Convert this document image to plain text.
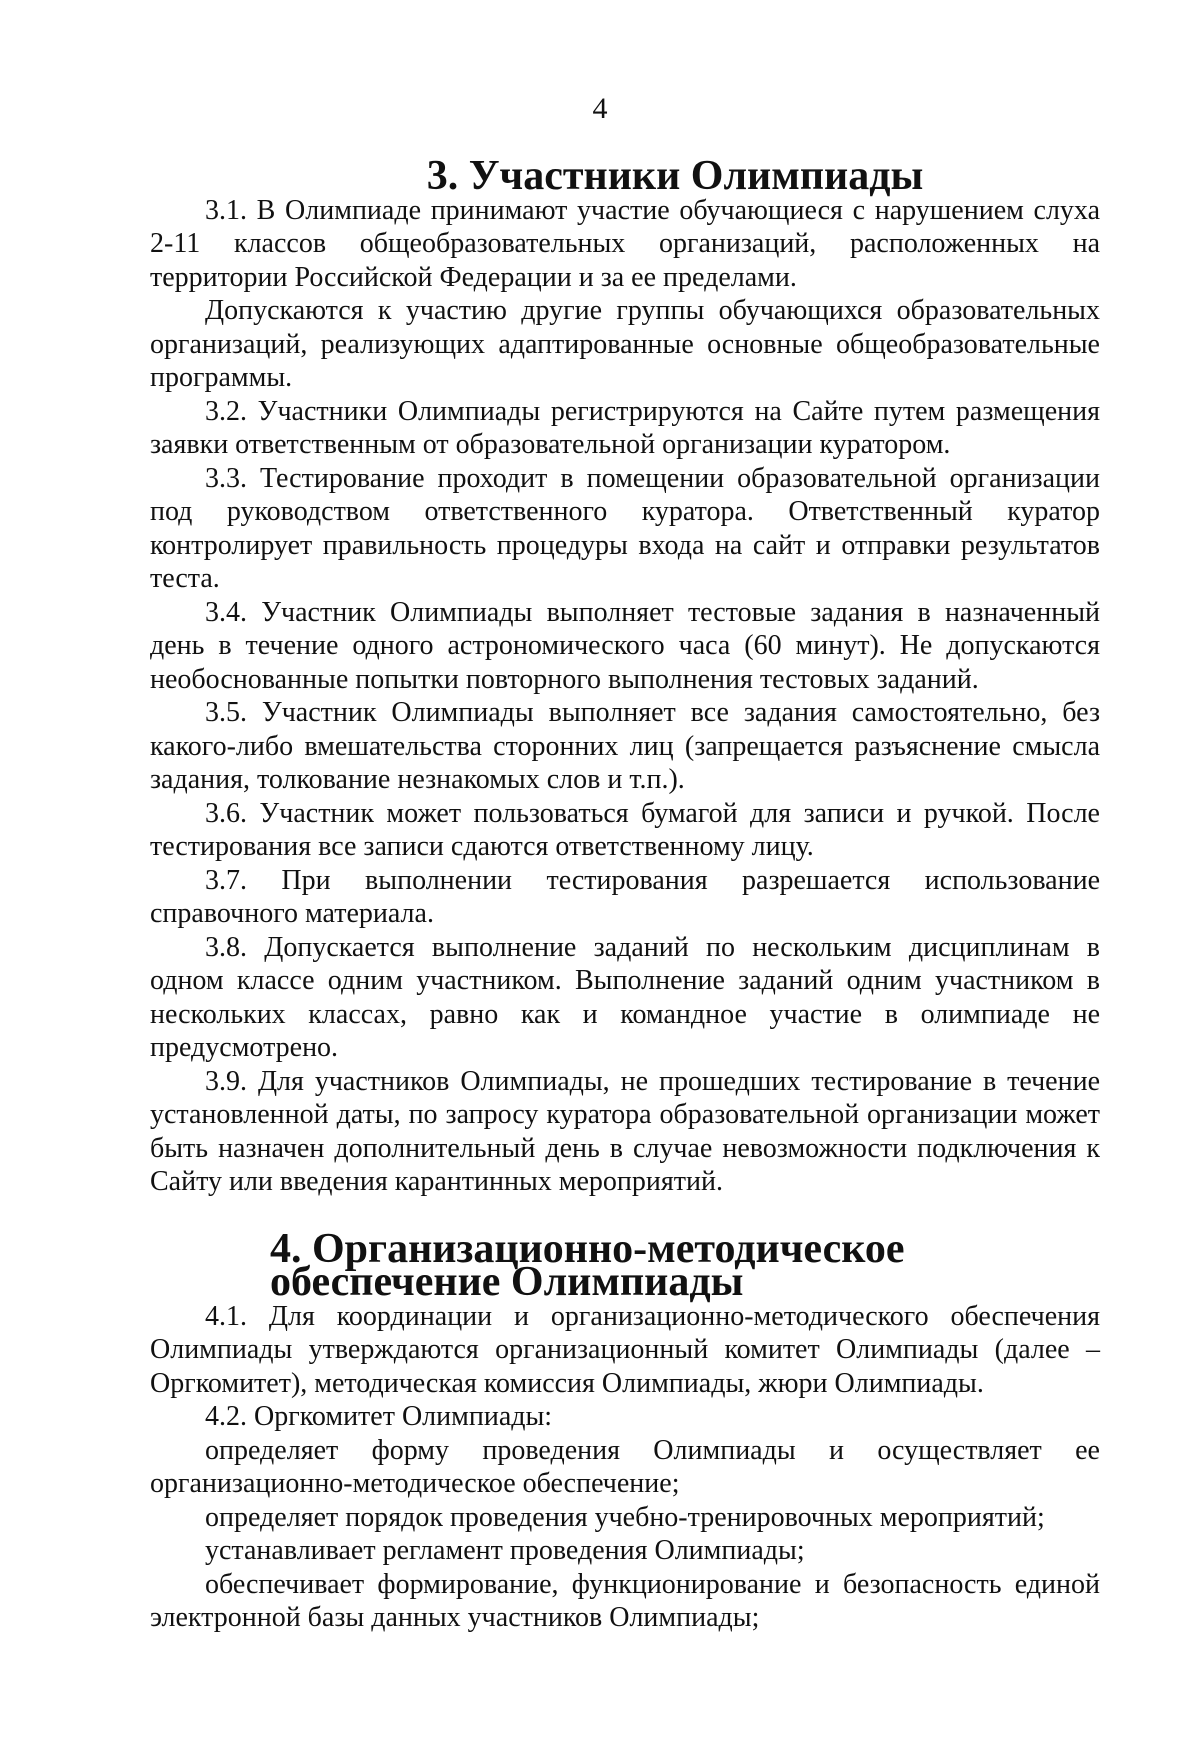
4
3. Участники Олимпиады

3.1. В Олимпиаде принимают участие обучающиеся с нарушением слуха 2-11 классов общеобразовательных организаций, расположенных на территории Российской Федерации и за ее пределами.

Допускаются к участию другие группы обучающихся образовательных организаций, реализующих адаптированные основные общеобразовательные программы.

3.2. Участники Олимпиады регистрируются на Сайте путем размещения заявки ответственным от образовательной организации куратором.

3.3. Тестирование проходит в помещении образовательной организации под руководством ответственного куратора. Ответственный куратор контролирует правильность процедуры входа на сайт и отправки результатов теста.

3.4. Участник Олимпиады выполняет тестовые задания в назначенный день в течение одного астрономического часа (60 минут). Не допускаются необоснованные попытки повторного выполнения тестовых заданий.

3.5. Участник Олимпиады выполняет все задания самостоятельно, без какого-либо вмешательства сторонних лиц (запрещается разъяснение смысла задания, толкование незнакомых слов и т.п.).

3.6. Участник может пользоваться бумагой для записи и ручкой. После тестирования все записи сдаются ответственному лицу.

3.7. При выполнении тестирования разрешается использование справочного материала.

3.8. Допускается выполнение заданий по нескольким дисциплинам в одном классе одним участником. Выполнение заданий одним участником в нескольких классах, равно как и командное участие в олимпиаде не предусмотрено.

3.9. Для участников Олимпиады, не прошедших тестирование в течение установленной даты, по запросу куратора образовательной организации может быть назначен дополнительный день в случае невозможности подключения к Сайту или введения карантинных мероприятий.

4. Организационно-методическое обеспечение Олимпиады

4.1. Для координации и организационно-методического обеспечения Олимпиады утверждаются организационный комитет Олимпиады (далее – Оргкомитет), методическая комиссия Олимпиады, жюри Олимпиады.

4.2. Оргкомитет Олимпиады:

определяет форму проведения Олимпиады и осуществляет ее организационно-методическое обеспечение;

определяет порядок проведения учебно-тренировочных мероприятий;

устанавливает регламент проведения Олимпиады;

обеспечивает формирование, функционирование и безопасность единой электронной базы данных участников Олимпиады;
